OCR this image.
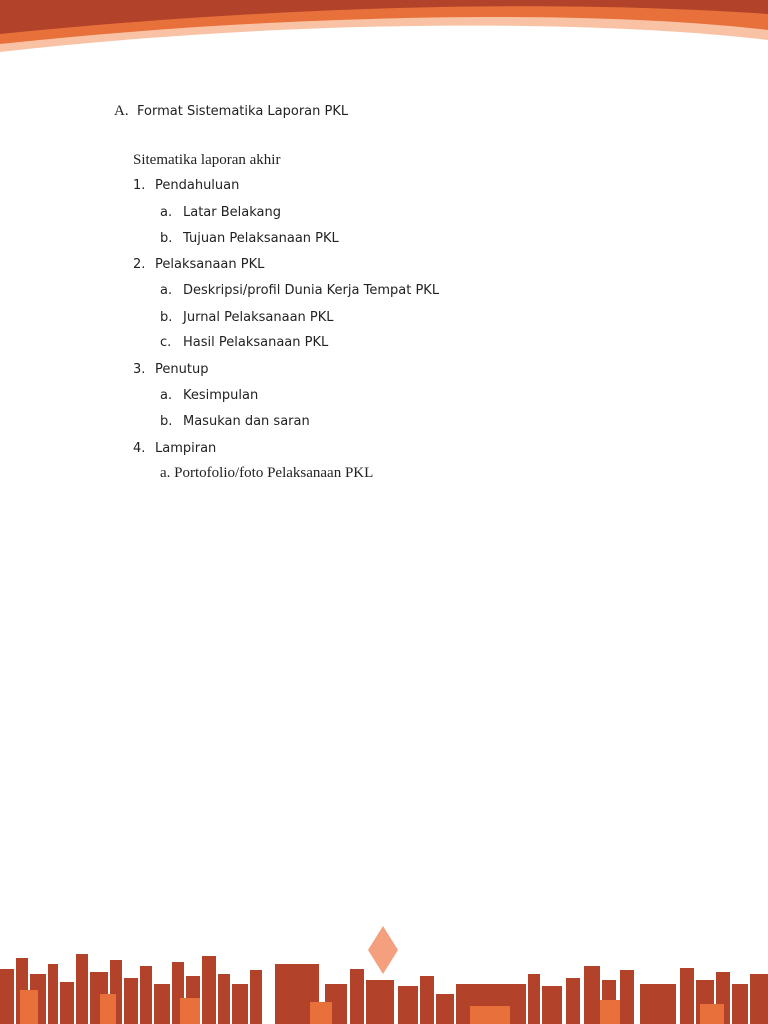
A. Format Sistematika Laporan PKL
Sitematika laporan akhir
1. Pendahuluan
a. Latar Belakang
b. Tujuan Pelaksanaan PKL
2. Pelaksanaan PKL
a. Deskripsi/profil Dunia Kerja Tempat PKL
b. Jurnal Pelaksanaan PKL
c. Hasil Pelaksanaan PKL
3. Penutup
a. Kesimpulan
b. Masukan dan saran
4. Lampiran
a. Portofolio/foto Pelaksanaan PKL
